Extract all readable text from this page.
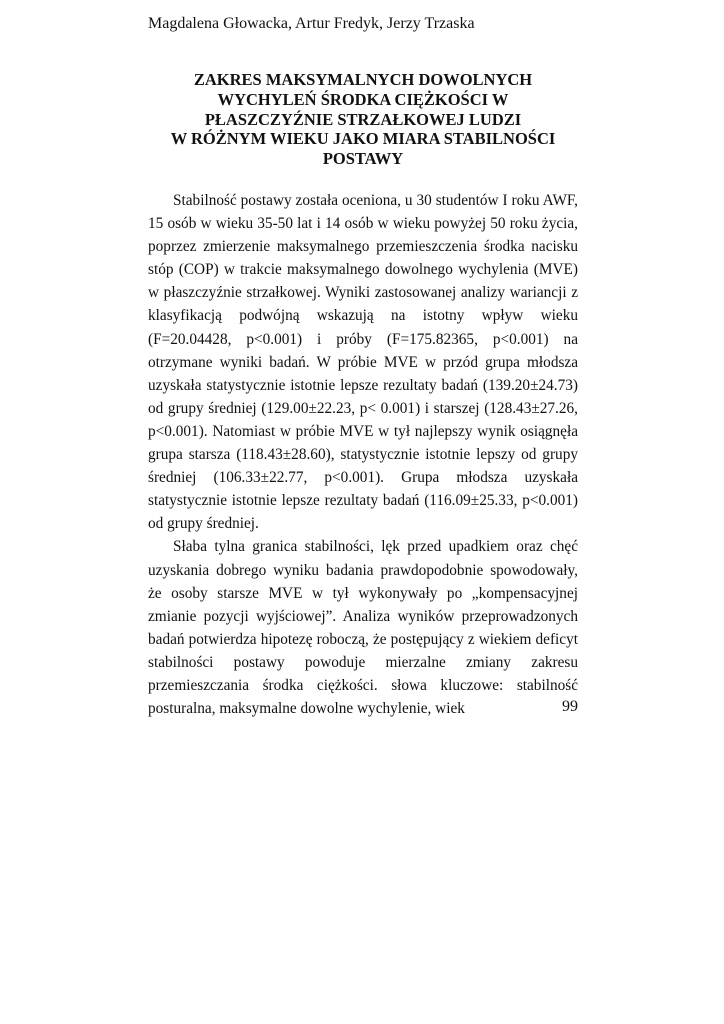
Magdalena Głowacka, Artur Fredyk, Jerzy Trzaska
ZAKRES MAKSYMALNYCH DOWOLNYCH
WYCHYLEŃ ŚRODKA CIĘŻKOŚCI W
PŁASZCZYŹNIE STRZAŁKOWEJ LUDZI
W RÓŻNYM WIEKU JAKO MIARA STABILNOŚCI
POSTAWY

Stabilność postawy została oceniona, u 30 studentów I roku AWF, 15 osób w wieku 35-50 lat i 14 osób w wieku powyżej 50 roku życia, poprzez zmierzenie maksymalnego przemieszczenia środka nacisku stóp (COP) w trakcie maksymalnego dowolnego wychylenia (MVE) w płaszczyźnie strzałkowej. Wyniki zastosowanej analizy wariancji z klasyfikacją podwójną wskazują na istotny wpływ wieku (F=20.04428, p<0.001) i próby (F=175.82365, p<0.001) na otrzymane wyniki badań. W próbie MVE w przód grupa młodsza uzyskała statystycznie istotnie lepsze rezultaty badań (139.20±24.73) od grupy średniej (129.00±22.23, p< 0.001) i starszej (128.43±27.26, p<0.001). Natomiast w próbie MVE w tył najlepszy wynik osiągnęła grupa starsza (118.43±28.60), statystycznie istotnie lepszy od grupy średniej (106.33±22.77, p<0.001). Grupa młodsza uzyskała statystycznie istotnie lepsze rezultaty badań (116.09±25.33, p<0.001) od grupy średniej.

Słaba tylna granica stabilności, lęk przed upadkiem oraz chęć uzyskania dobrego wyniku badania prawdopodobnie spowodowały, że osoby starsze MVE w tył wykonywały po „kompensacyjnej zmianie pozycji wyjściowej”. Analiza wyników przeprowadzonych badań potwierdza hipotezę roboczą, że postępujący z wiekiem deficyt stabilności postawy powoduje mierzalne zmiany zakresu przemieszczania środka ciężkości. słowa kluczowe: stabilność posturalna, maksymalne dowolne wychylenie, wiek	99
